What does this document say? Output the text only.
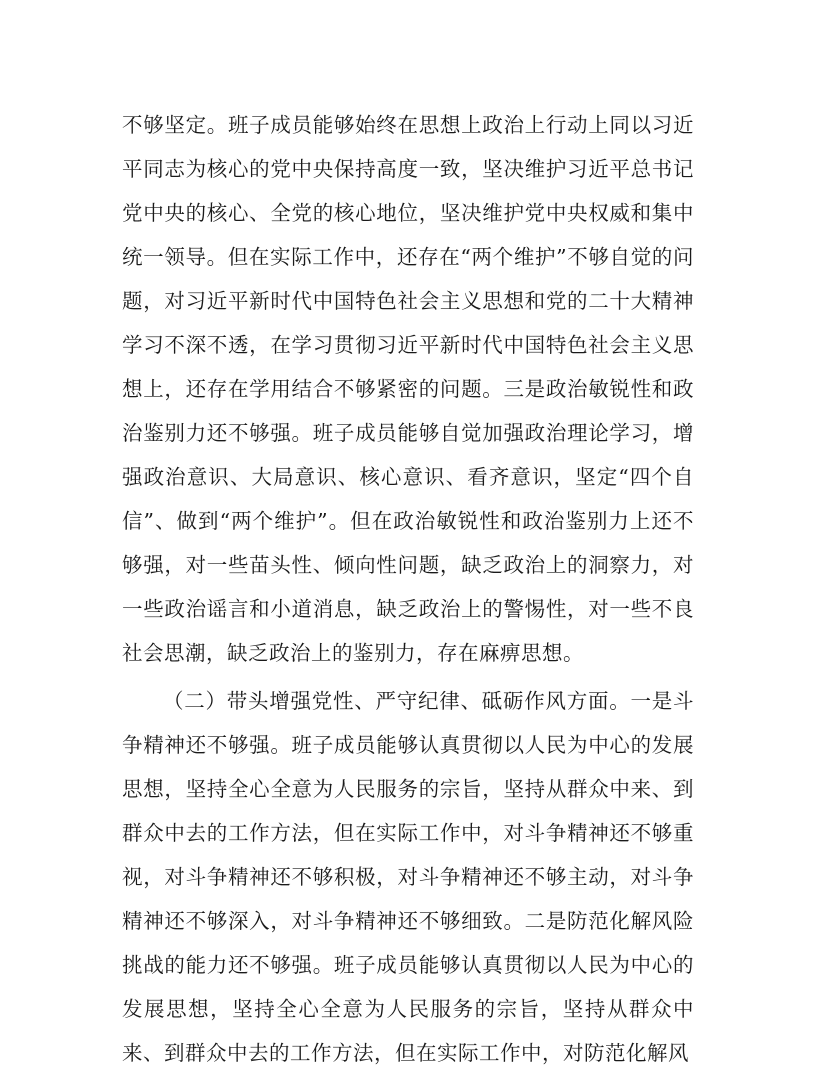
不够坚定。班子成员能够始终在思想上政治上行动上同以习近平同志为核心的党中央保持高度一致，坚决维护习近平总书记党中央的核心、全党的核心地位，坚决维护党中央权威和集中统一领导。但在实际工作中，还存在“两个维护”不够自觉的问题，对习近平新时代中国特色社会主义思想和党的二十大精神学习不深不透，在学习贯彻习近平新时代中国特色社会主义思想上，还存在学用结合不够紧密的问题。三是政治敏锐性和政治鉴别力还不够强。班子成员能够自觉加强政治理论学习，增强政治意识、大局意识、核心意识、看齐意识，坚定“四个自信”、做到“两个维护”。但在政治敏锐性和政治鉴别力上还不够强，对一些苗头性、倾向性问题，缺乏政治上的洞察力，对一些政治谣言和小道消息，缺乏政治上的警惕性，对一些不良社会思潮，缺乏政治上的鉴别力，存在麻痹思想。

（二）带头增强党性、严守纪律、砥砺作风方面。一是斗争精神还不够强。班子成员能够认真贯彻以人民为中心的发展思想，坚持全心全意为人民服务的宗旨，坚持从群众中来、到群众中去的工作方法，但在实际工作中，对斗争精神还不够重视，对斗争精神还不够积极，对斗争精神还不够主动，对斗争精神还不够深入，对斗争精神还不够细致。二是防范化解风险挑战的能力还不够强。班子成员能够认真贯彻以人民为中心的发展思想，坚持全心全意为人民服务的宗旨，坚持从群众中来、到群众中去的工作方法，但在实际工作中，对防范化解风
